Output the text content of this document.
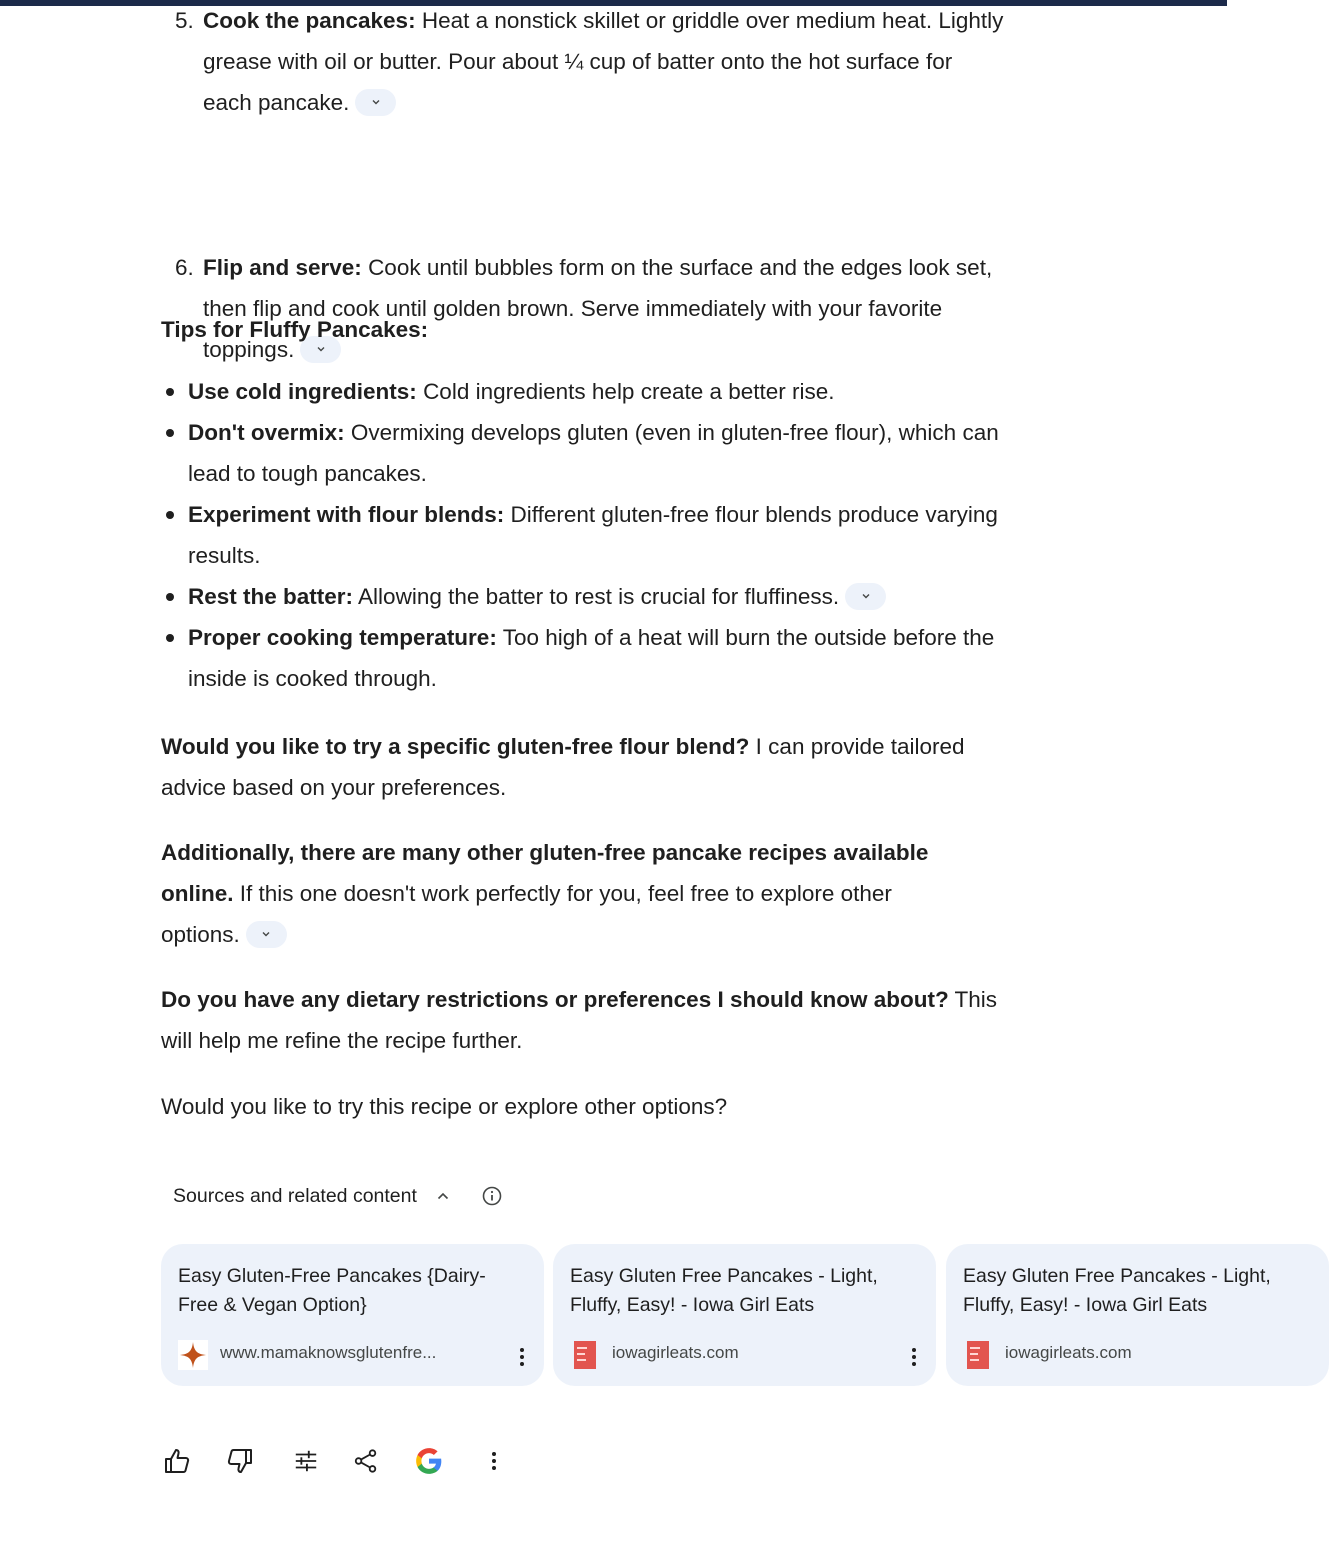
5. Cook the pancakes: Heat a nonstick skillet or griddle over medium heat. Lightly
grease with oil or butter. Pour about ¼ cup of batter onto the hot surface for
each pancake.
6. Flip and serve: Cook until bubbles form on the surface and the edges look set,
then flip and cook until golden brown. Serve immediately with your favorite
toppings.
Tips for Fluffy Pancakes:
Use cold ingredients: Cold ingredients help create a better rise.
Don't overmix: Overmixing develops gluten (even in gluten-free flour), which can
lead to tough pancakes.
Experiment with flour blends: Different gluten-free flour blends produce varying
results.
Rest the batter: Allowing the batter to rest is crucial for fluffiness.
Proper cooking temperature: Too high of a heat will burn the outside before the
inside is cooked through.
Would you like to try a specific gluten-free flour blend? I can provide tailored
advice based on your preferences.
Additionally, there are many other gluten-free pancake recipes available
online. If this one doesn't work perfectly for you, feel free to explore other
options.
Do you have any dietary restrictions or preferences I should know about? This
will help me refine the recipe further.
Would you like to try this recipe or explore other options?
Sources and related content
Easy Gluten-Free Pancakes {Dairy-
Free & Vegan Option}
www.mamaknowsglutenfre...
Easy Gluten Free Pancakes - Light,
Fluffy, Easy! - Iowa Girl Eats
iowagirleats.com
Easy Gluten Free Pancakes - Light,
Fluffy, Easy! - Iowa Girl Eats
iowagirleats.com
